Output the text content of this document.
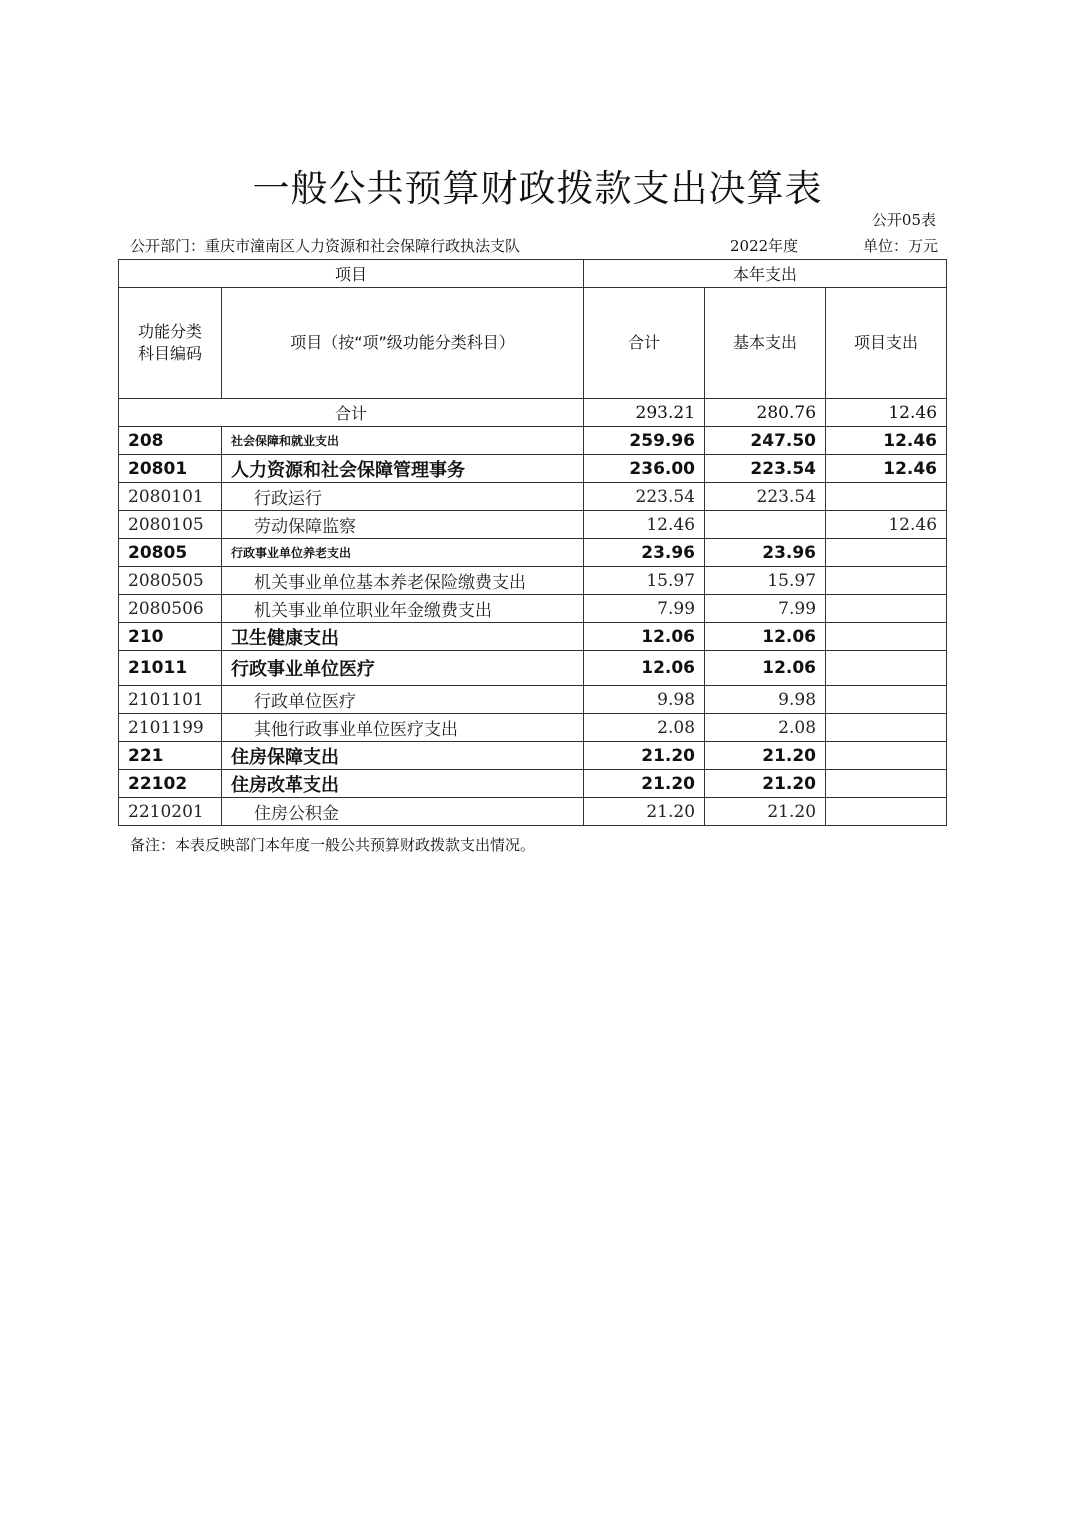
一般公共预算财政拨款支出决算表
公开05表
公开部门：重庆市潼南区人力资源和社会保障行政执法支队	2022年度	单位：万元
项目		本年支出		
功能分类科目编码	项目（按“项”级功能分类科目）	合计	基本支出	项目支出
合计		293.21	280.76	12.46
208	社会保障和就业支出	259.96	247.50	12.46
20801	人力资源和社会保障管理事务	236.00	223.54	12.46
2080101	行政运行	223.54	223.54	
2080105	劳动保障监察	12.46		12.46
20805	行政事业单位养老支出	23.96	23.96	
2080505	机关事业单位基本养老保险缴费支出	15.97	15.97	
2080506	机关事业单位职业年金缴费支出	7.99	7.99	
210	卫生健康支出	12.06	12.06	
21011	行政事业单位医疗	12.06	12.06	
2101101	行政单位医疗	9.98	9.98	
2101199	其他行政事业单位医疗支出	2.08	2.08	
221	住房保障支出	21.20	21.20	
22102	住房改革支出	21.20	21.20	
2210201	住房公积金	21.20	21.20	
备注：本表反映部门本年度一般公共预算财政拨款支出情况。
